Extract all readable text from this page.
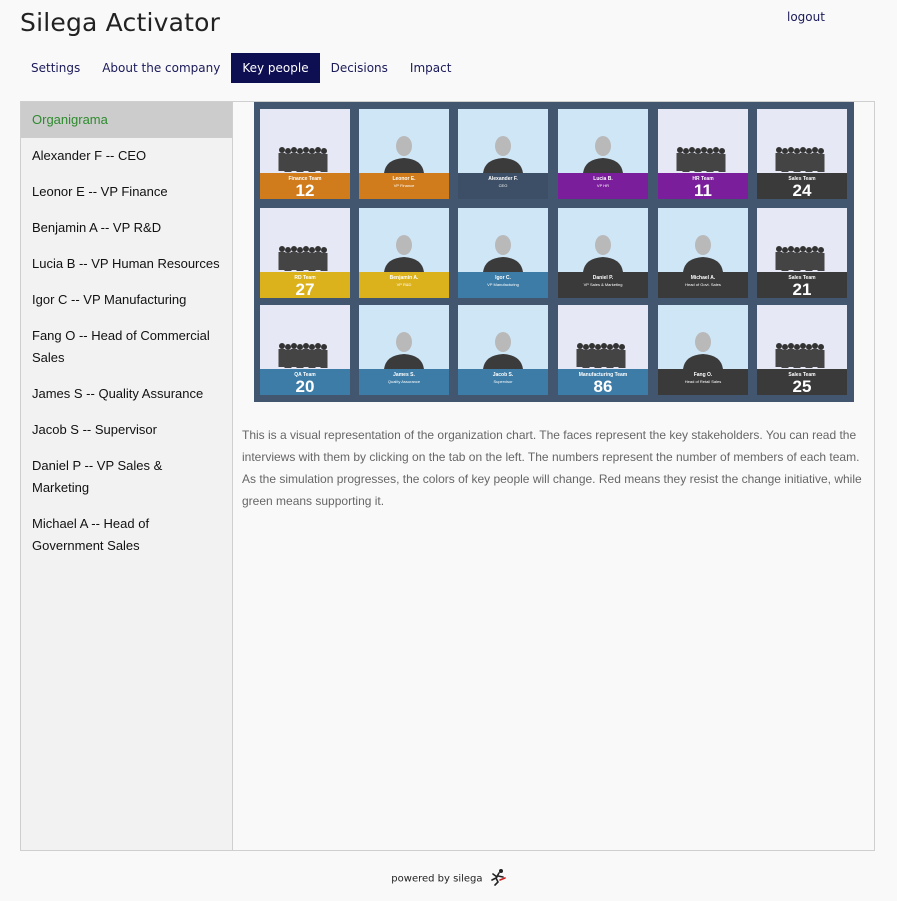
Silega Activator	logout
Settings	About the company	Key people	Decisions	Impact
Organigrama
Alexander F -- CEO
Leonor E -- VP Finance
Benjamin A -- VP R&D
Lucia B -- VP Human Resources
Igor C -- VP Manufacturing
Fang O -- Head of Commercial Sales
James S -- Quality Assurance
Jacob S -- Supervisor
Daniel P -- VP Sales & Marketing
Michael A -- Head of Government Sales
Finance Team
12
Leonor E.
VP Finance
Alexander F.
CEO
Lucia B.
VP HR
HR Team
11
Sales Team
24
RD Team
27
Benjamin A.
VP R&D
Igor C.
VP Manufacturing
Daniel P.
VP Sales & Marketing
Michael A.
Head of Govt. Sales
Sales Team
21
QA Team
20
James S.
Quality Assurance
Jacob S.
Supervisor
Manufacturing Team
86
Fang O.
Head of Retail Sales
Sales Team
25
This is a visual representation of the organization chart. The faces represent the key stakeholders. You can read the interviews with them by clicking on the tab on the left. The numbers represent the number of members of each team. As the simulation progresses, the colors of key people will change. Red means they resist the change initiative, while green means supporting it.
powered by silega
